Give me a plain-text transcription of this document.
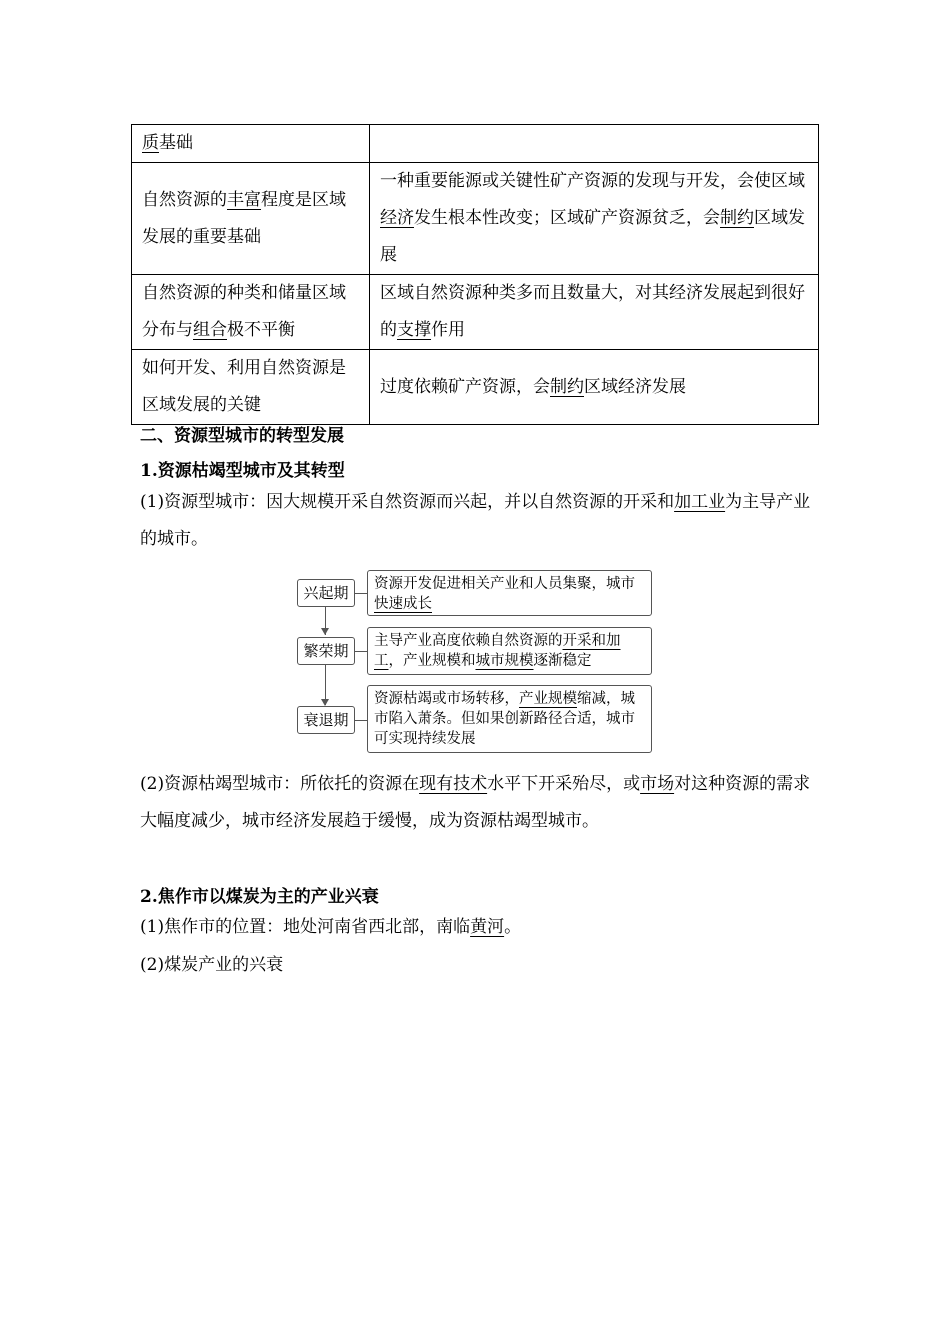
质基础	
自然资源的丰富程度是区域发展的重要基础	一种重要能源或关键性矿产资源的发现与开发，会使区域经济发生根本性改变；区域矿产资源贫乏，会制约区域发展
自然资源的种类和储量区域分布与组合极不平衡	区域自然资源种类多而且数量大，对其经济发展起到很好的支撑作用
如何开发、利用自然资源是区域发展的关键	过度依赖矿产资源，会制约区域经济发展
二、资源型城市的转型发展
1.资源枯竭型城市及其转型
(1)资源型城市：因大规模开采自然资源而兴起，并以自然资源的开采和加工业为主导产业的城市。
兴起期	资源开发促进相关产业和人员集聚，城市快速成长
繁荣期
主导产业高度依赖自然资源的开采和加工，产业规模和城市规模逐渐稳定
衰退期
资源枯竭或市场转移，产业规模缩减，城市陷入萧条。但如果创新路径合适，城市可实现持续发展
(2)资源枯竭型城市：所依托的资源在现有技术水平下开采殆尽，或市场对这种资源的需求大幅度减少，城市经济发展趋于缓慢，成为资源枯竭型城市。
2.焦作市以煤炭为主的产业兴衰
(1)焦作市的位置：地处河南省西北部，南临黄河。
(2)煤炭产业的兴衰
